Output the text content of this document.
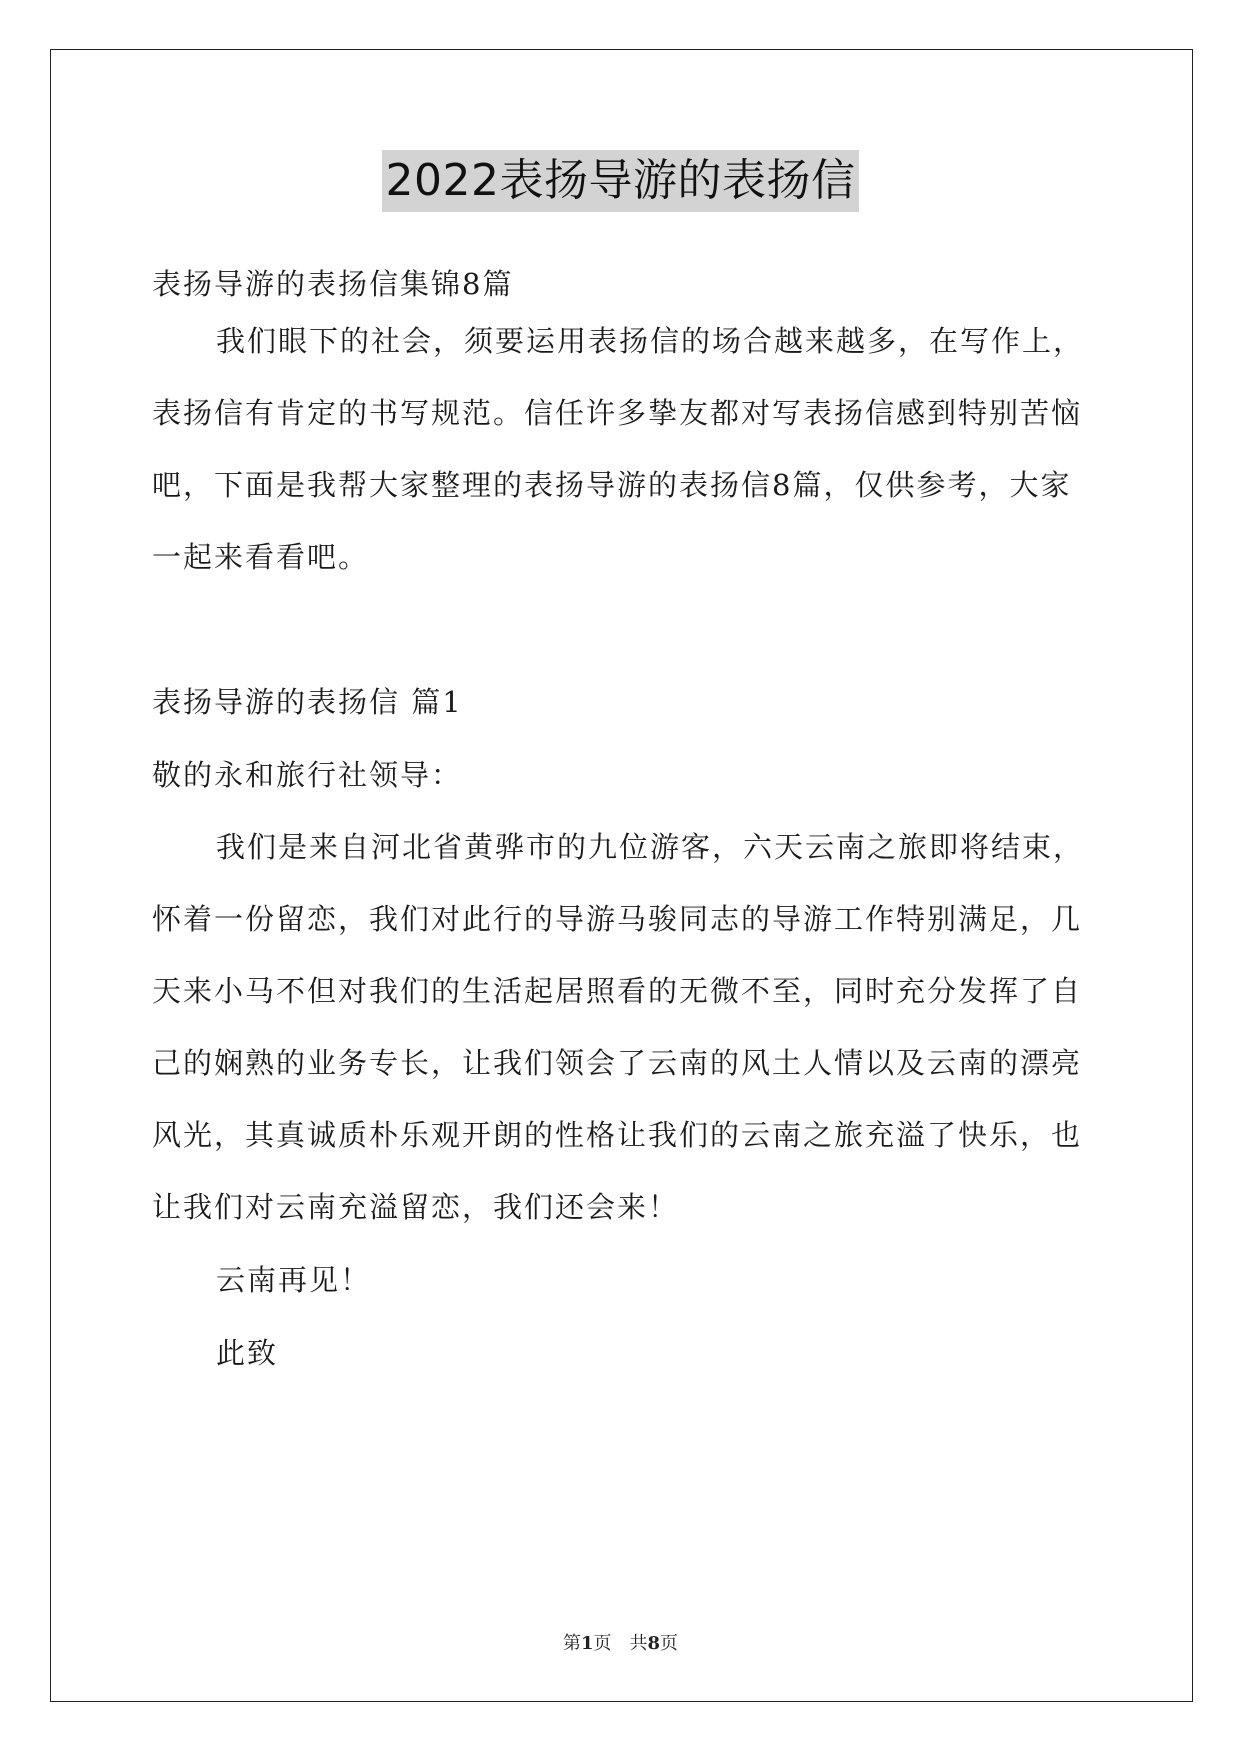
2022表扬导游的表扬信
表扬导游的表扬信集锦8篇
我们眼下的社会，须要运用表扬信的场合越来越多，在写作上，
表扬信有肯定的书写规范。信任许多挚友都对写表扬信感到特别苦恼
吧，下面是我帮大家整理的表扬导游的表扬信8篇，仅供参考，大家
一起来看看吧。
表扬导游的表扬信 篇1
敬的永和旅行社领导：
我们是来自河北省黄骅市的九位游客，六天云南之旅即将结束，
怀着一份留恋，我们对此行的导游马骏同志的导游工作特别满足，几
天来小马不但对我们的生活起居照看的无微不至，同时充分发挥了自
己的娴熟的业务专长，让我们领会了云南的风土人情以及云南的漂亮
风光，其真诚质朴乐观开朗的性格让我们的云南之旅充溢了快乐，也
让我们对云南充溢留恋，我们还会来！
云南再见！
此致
第1页　共8页
